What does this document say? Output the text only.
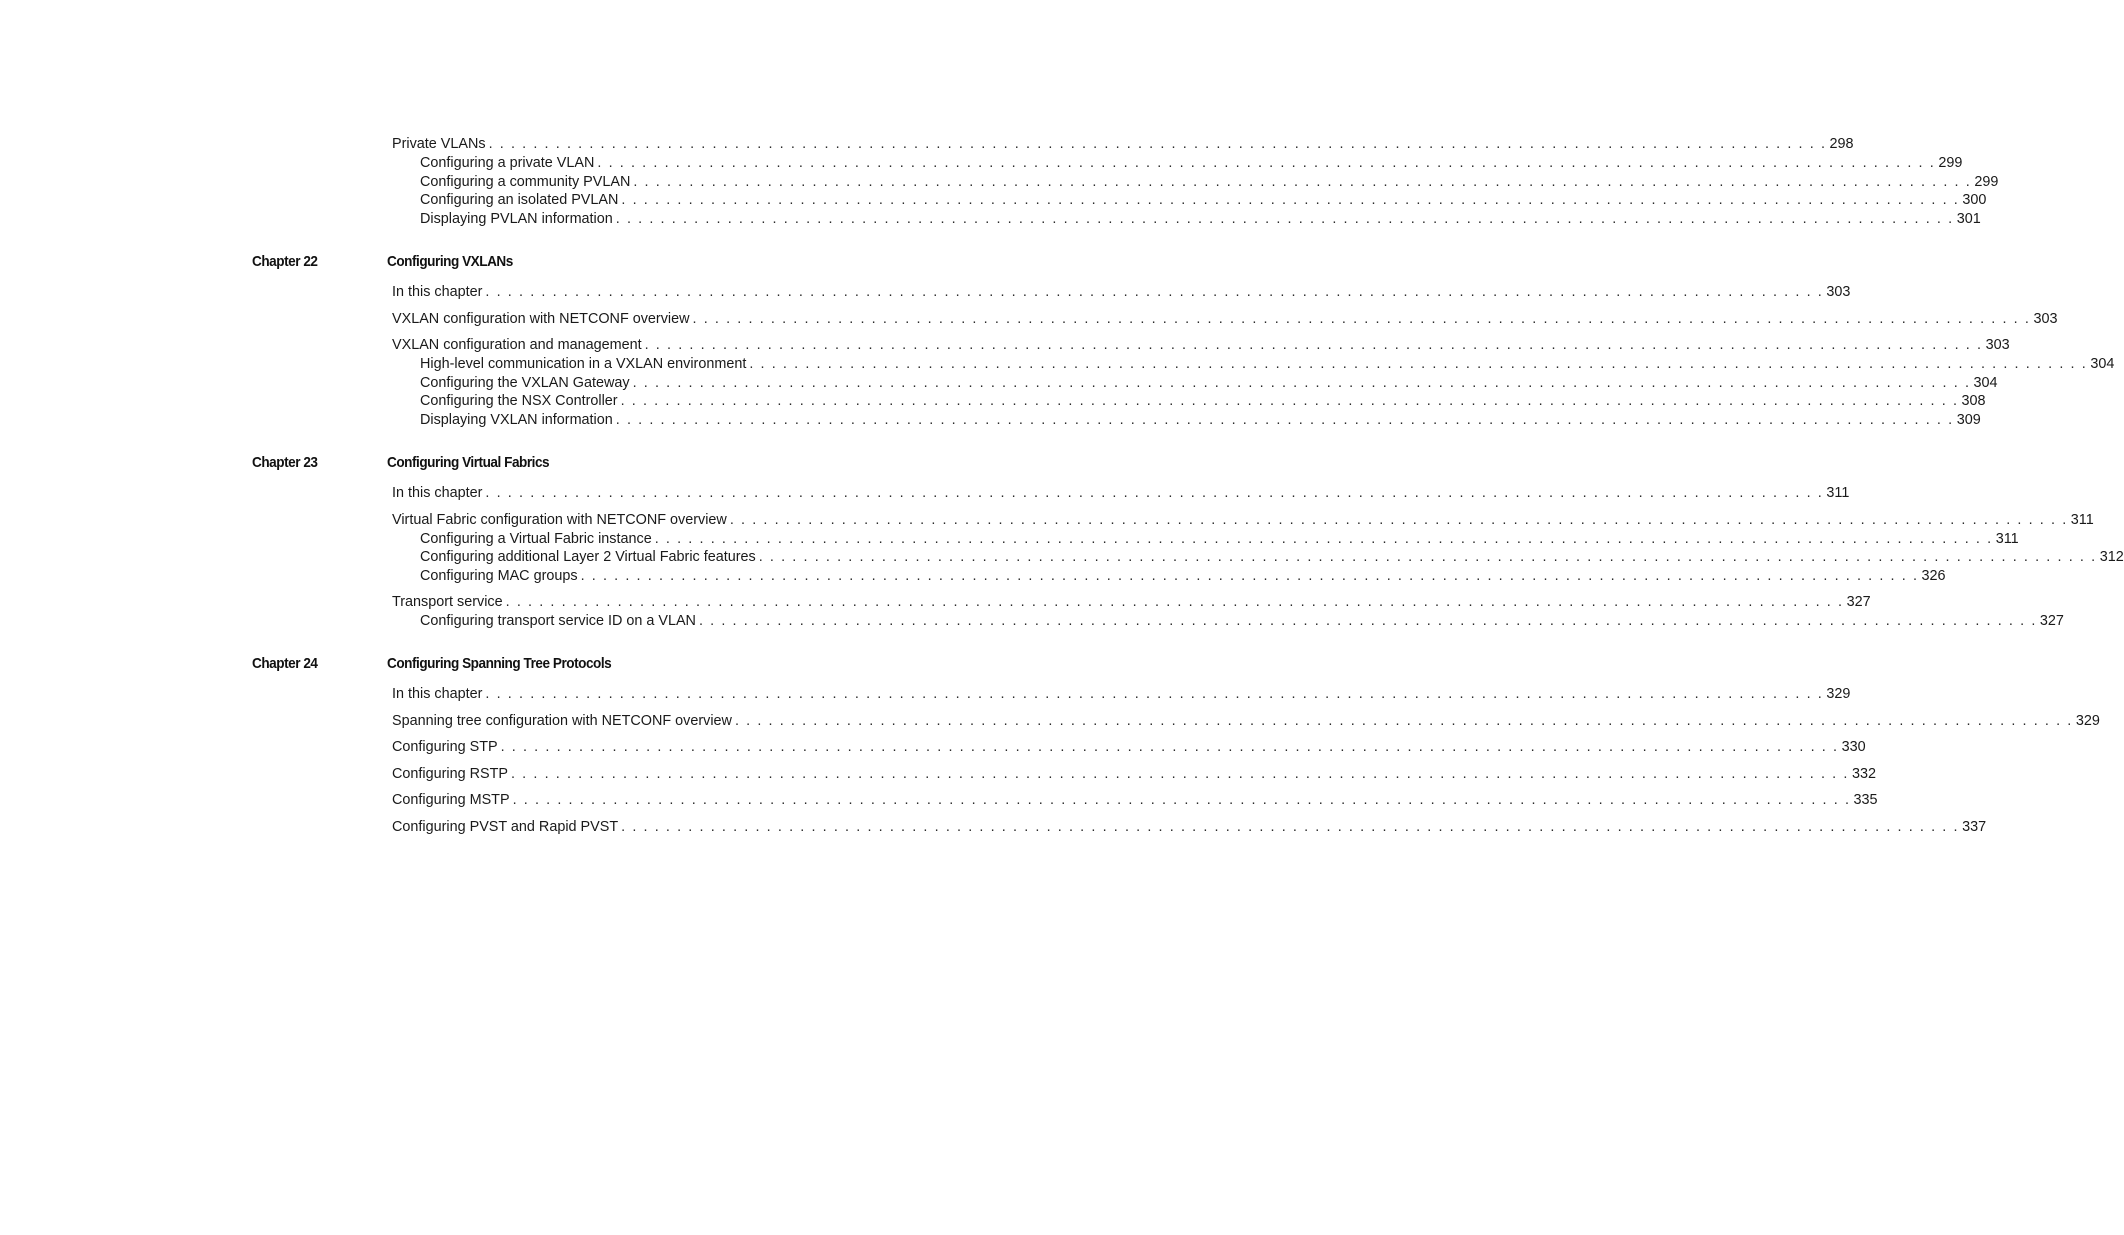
Private VLANs . . . . . . . . . . . . . . . . . . . . . . . . . . . . . . . . . . . . . . . . . . . . . . . . . . . . . . . . . . . . . . . . . . . . . . . . . . . . . . . . . . . . . . . . . . . . . . . . . . . . . . . . . . . . . . . . . . . . . . . . 298
Configuring a private VLAN . . . . . . . . . . . . . . . . . . . . . . . . . . . . . . . . . . . . . . . . . . . . . . . . . . . . . . . . . . . . . . . . . . . . . . . . . . . . . . . . . . . . . . . . . . . . . . . . . . . . . . . . . . . . . . . . . . . . . . . . 299
Configuring a community PVLAN . . . . . . . . . . . . . . . . . . . . . . . . . . . . . . . . . . . . . . . . . . . . . . . . . . . . . . . . . . . . . . . . . . . . . . . . . . . . . . . . . . . . . . . . . . . . . . . . . . . . . . . . . . . . . . . . . . . . . . . . 299
Configuring an isolated PVLAN . . . . . . . . . . . . . . . . . . . . . . . . . . . . . . . . . . . . . . . . . . . . . . . . . . . . . . . . . . . . . . . . . . . . . . . . . . . . . . . . . . . . . . . . . . . . . . . . . . . . . . . . . . . . . . . . . . . . . . . . 300
Displaying PVLAN information . . . . . . . . . . . . . . . . . . . . . . . . . . . . . . . . . . . . . . . . . . . . . . . . . . . . . . . . . . . . . . . . . . . . . . . . . . . . . . . . . . . . . . . . . . . . . . . . . . . . . . . . . . . . . . . . . . . . . . . . 301
Chapter 22	Configuring VXLANs
In this chapter . . . . . . . . . . . . . . . . . . . . . . . . . . . . . . . . . . . . . . . . . . . . . . . . . . . . . . . . . . . . . . . . . . . . . . . . . . . . . . . . . . . . . . . . . . . . . . . . . . . . . . . . . . . . . . . . . . . . . . . . 303
VXLAN configuration with NETCONF overview . . . . . . . . . . . . . . . . . . . . . . . . . . . . . . . . . . . . . . . . . . . . . . . . . . . . . . . . . . . . . . . . . . . . . . . . . . . . . . . . . . . . . . . . . . . . . . . . . . . . . . . . . . . . . . . . . . . . . . . . 303
VXLAN configuration and management . . . . . . . . . . . . . . . . . . . . . . . . . . . . . . . . . . . . . . . . . . . . . . . . . . . . . . . . . . . . . . . . . . . . . . . . . . . . . . . . . . . . . . . . . . . . . . . . . . . . . . . . . . . . . . . . . . . . . . . . 303
High-level communication in a VXLAN environment . . . . . . . . . . . . . . . . . . . . . . . . . . . . . . . . . . . . . . . . . . . . . . . . . . . . . . . . . . . . . . . . . . . . . . . . . . . . . . . . . . . . . . . . . . . . . . . . . . . . . . . . . . . . . . . . . . . . . . . . 304
Configuring the VXLAN Gateway . . . . . . . . . . . . . . . . . . . . . . . . . . . . . . . . . . . . . . . . . . . . . . . . . . . . . . . . . . . . . . . . . . . . . . . . . . . . . . . . . . . . . . . . . . . . . . . . . . . . . . . . . . . . . . . . . . . . . . . . 304
Configuring the NSX Controller . . . . . . . . . . . . . . . . . . . . . . . . . . . . . . . . . . . . . . . . . . . . . . . . . . . . . . . . . . . . . . . . . . . . . . . . . . . . . . . . . . . . . . . . . . . . . . . . . . . . . . . . . . . . . . . . . . . . . . . . 308
Displaying VXLAN information . . . . . . . . . . . . . . . . . . . . . . . . . . . . . . . . . . . . . . . . . . . . . . . . . . . . . . . . . . . . . . . . . . . . . . . . . . . . . . . . . . . . . . . . . . . . . . . . . . . . . . . . . . . . . . . . . . . . . . . . 309
Chapter 23	Configuring Virtual Fabrics
In this chapter . . . . . . . . . . . . . . . . . . . . . . . . . . . . . . . . . . . . . . . . . . . . . . . . . . . . . . . . . . . . . . . . . . . . . . . . . . . . . . . . . . . . . . . . . . . . . . . . . . . . . . . . . . . . . . . . . . . . . . . . 311
Virtual Fabric configuration with NETCONF overview . . . . . . . . . . . . . . . . . . . . . . . . . . . . . . . . . . . . . . . . . . . . . . . . . . . . . . . . . . . . . . . . . . . . . . . . . . . . . . . . . . . . . . . . . . . . . . . . . . . . . . . . . . . . . . . . . . . . . . . . 311
Configuring a Virtual Fabric instance . . . . . . . . . . . . . . . . . . . . . . . . . . . . . . . . . . . . . . . . . . . . . . . . . . . . . . . . . . . . . . . . . . . . . . . . . . . . . . . . . . . . . . . . . . . . . . . . . . . . . . . . . . . . . . . . . . . . . . . . 311
Configuring additional Layer 2 Virtual Fabric features . . . . . . . . . . . . . . . . . . . . . . . . . . . . . . . . . . . . . . . . . . . . . . . . . . . . . . . . . . . . . . . . . . . . . . . . . . . . . . . . . . . . . . . . . . . . . . . . . . . . . . . . . . . . . . . . . . . . . . . . 312
Configuring MAC groups . . . . . . . . . . . . . . . . . . . . . . . . . . . . . . . . . . . . . . . . . . . . . . . . . . . . . . . . . . . . . . . . . . . . . . . . . . . . . . . . . . . . . . . . . . . . . . . . . . . . . . . . . . . . . . . . . . . . . . . . 326
Transport service . . . . . . . . . . . . . . . . . . . . . . . . . . . . . . . . . . . . . . . . . . . . . . . . . . . . . . . . . . . . . . . . . . . . . . . . . . . . . . . . . . . . . . . . . . . . . . . . . . . . . . . . . . . . . . . . . . . . . . . . 327
Configuring transport service ID on a VLAN . . . . . . . . . . . . . . . . . . . . . . . . . . . . . . . . . . . . . . . . . . . . . . . . . . . . . . . . . . . . . . . . . . . . . . . . . . . . . . . . . . . . . . . . . . . . . . . . . . . . . . . . . . . . . . . . . . . . . . . . 327
Chapter 24	Configuring Spanning Tree Protocols
In this chapter . . . . . . . . . . . . . . . . . . . . . . . . . . . . . . . . . . . . . . . . . . . . . . . . . . . . . . . . . . . . . . . . . . . . . . . . . . . . . . . . . . . . . . . . . . . . . . . . . . . . . . . . . . . . . . . . . . . . . . . . 329
Spanning tree configuration with NETCONF overview . . . . . . . . . . . . . . . . . . . . . . . . . . . . . . . . . . . . . . . . . . . . . . . . . . . . . . . . . . . . . . . . . . . . . . . . . . . . . . . . . . . . . . . . . . . . . . . . . . . . . . . . . . . . . . . . . . . . . . . . 329
Configuring STP . . . . . . . . . . . . . . . . . . . . . . . . . . . . . . . . . . . . . . . . . . . . . . . . . . . . . . . . . . . . . . . . . . . . . . . . . . . . . . . . . . . . . . . . . . . . . . . . . . . . . . . . . . . . . . . . . . . . . . . . 330
Configuring RSTP . . . . . . . . . . . . . . . . . . . . . . . . . . . . . . . . . . . . . . . . . . . . . . . . . . . . . . . . . . . . . . . . . . . . . . . . . . . . . . . . . . . . . . . . . . . . . . . . . . . . . . . . . . . . . . . . . . . . . . . . 332
Configuring MSTP . . . . . . . . . . . . . . . . . . . . . . . . . . . . . . . . . . . . . . . . . . . . . . . . . . . . . . . . . . . . . . . . . . . . . . . . . . . . . . . . . . . . . . . . . . . . . . . . . . . . . . . . . . . . . . . . . . . . . . . . 335
Configuring PVST and Rapid PVST . . . . . . . . . . . . . . . . . . . . . . . . . . . . . . . . . . . . . . . . . . . . . . . . . . . . . . . . . . . . . . . . . . . . . . . . . . . . . . . . . . . . . . . . . . . . . . . . . . . . . . . . . . . . . . . . . . . . . . . . 337
